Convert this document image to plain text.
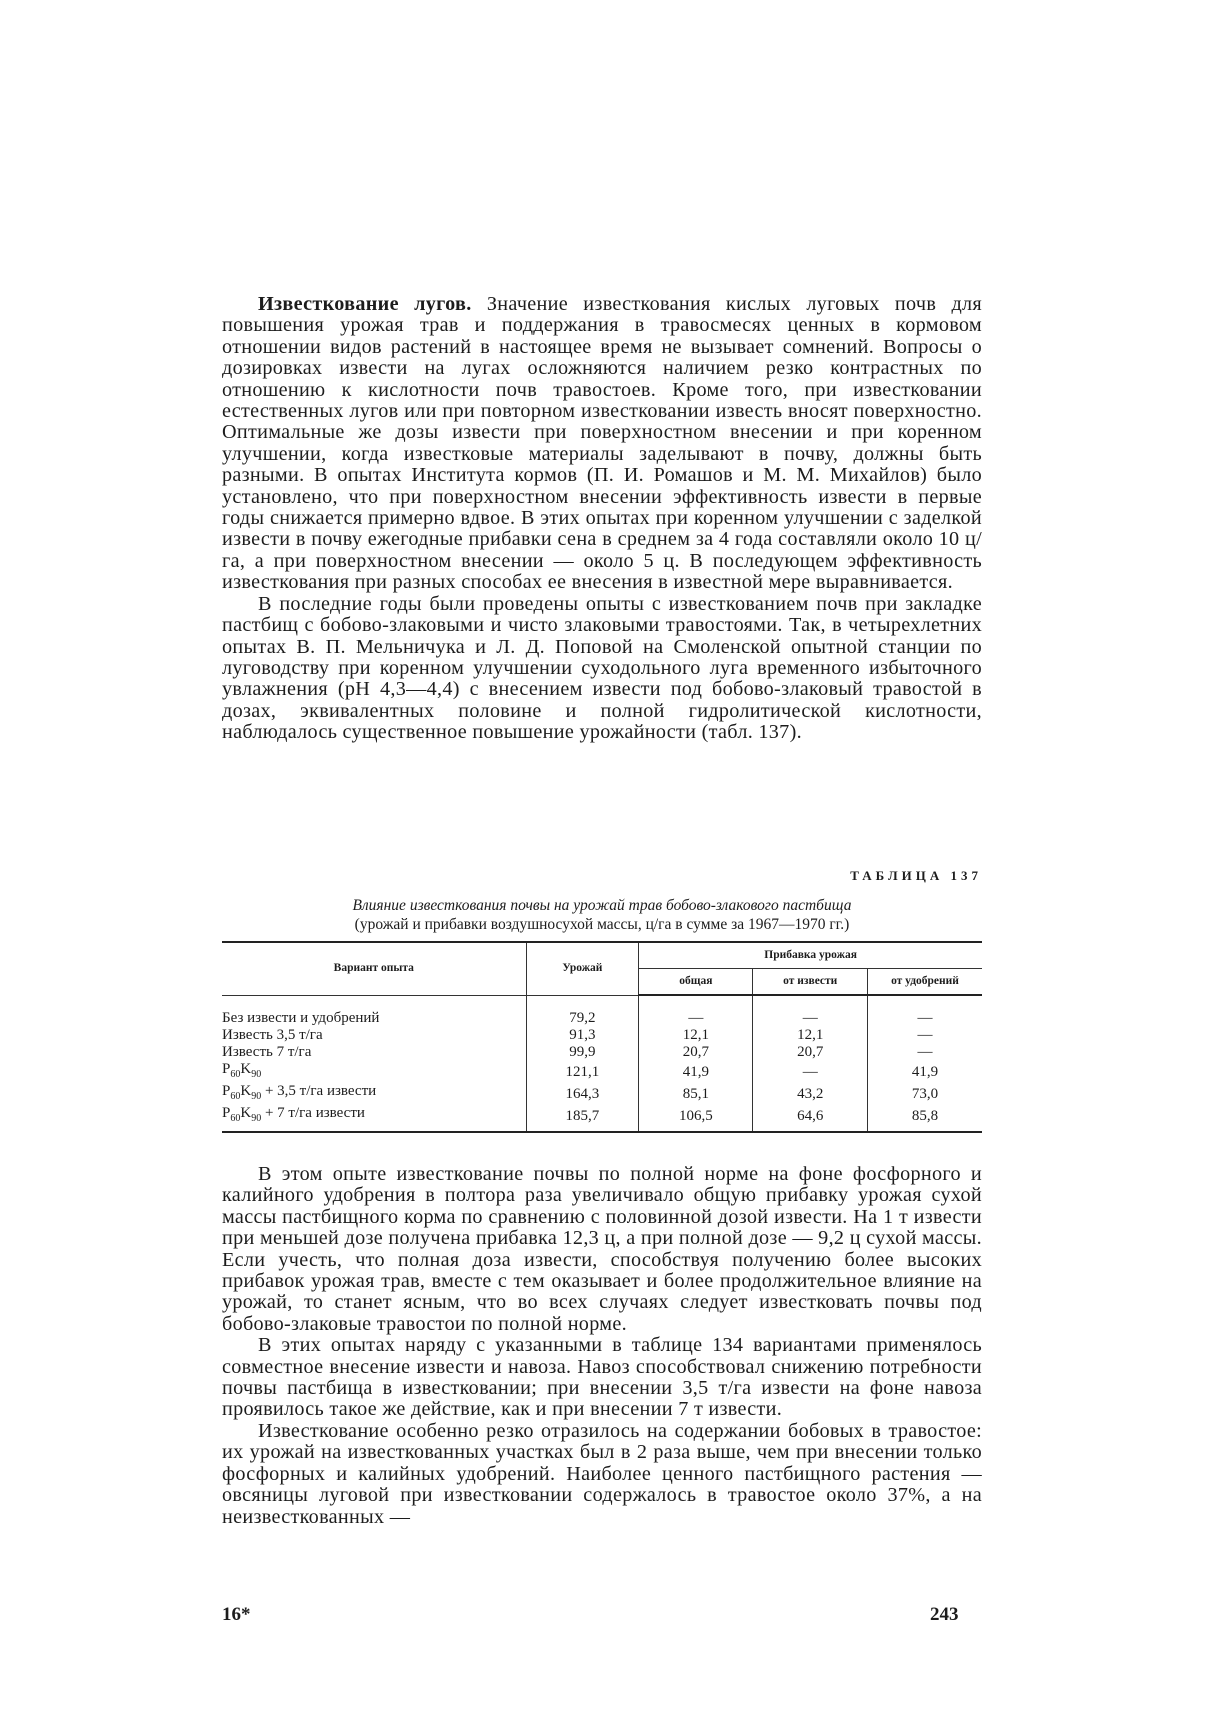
Известкование лугов. Значение известкования кислых луговых почв для повышения урожая трав и поддержания в травосмесях ценных в кормовом отношении видов растений в настоящее время не вызывает сомнений. Вопросы о дозировках извести на лугах осложняются наличием резко контрастных по отношению к кислотности почв травостоев. Кроме того, при известковании естественных лугов или при повторном известковании известь вносят поверхностно. Оптимальные же дозы извести при поверхностном внесении и при коренном улучшении, когда известковые материалы заделывают в почву, должны быть разными. В опытах Института кормов (П. И. Ромашов и М. М. Михайлов) было установлено, что при поверхностном внесении эффективность извести в первые годы снижается примерно вдвое. В этих опытах при коренном улучшении с заделкой извести в почву ежегодные прибавки сена в среднем за 4 года составляли около 10 ц/га, а при поверхностном внесении — около 5 ц. В последующем эффективность известкования при разных способах ее внесения в известной мере выравнивается.

В последние годы были проведены опыты с известкованием почв при закладке пастбищ с бобово-злаковыми и чисто злаковыми травостоями. Так, в четырехлетних опытах В. П. Мельничука и Л. Д. Поповой на Смоленской опытной станции по луговодству при коренном улучшении суходольного луга временного избыточного увлажнения (pH 4,3—4,4) с внесением извести под бобово-злаковый травостой в дозах, эквивалентных половине и полной гидролитической кислотности, наблюдалось существенное повышение урожайности (табл. 137).

ТАБЛИЦА 137
Влияние известкования почвы на урожай трав бобово-злакового пастбища
(урожай и прибавки воздушносухой массы, ц/га в сумме за 1967—1970 гг.)
Вариант опыта	Урожай	Прибавка урожая		
		общая	от извести	от удобрений
Без извести и удобрений	79,2	—	—	—
Известь 3,5 т/га	91,3	12,1	12,1	—
Известь 7 т/га	99,9	20,7	20,7	—
$P_{60}K_{90}$	121,1	41,9	—	41,9
$P_{60}K_{90} + 3,5$ т/га извести	164,3	85,1	43,2	73,0
$P_{60}K_{90} + 7$ т/га извести	185,7	106,5	64,6	85,8

В этом опыте известкование почвы по полной норме на фоне фосфорного и калийного удобрения в полтора раза увеличивало общую прибавку урожая сухой массы пастбищного корма по сравнению с половинной дозой извести. На 1 т извести при меньшей дозе получена прибавка 12,3 ц, а при полной дозе — 9,2 ц сухой массы. Если учесть, что полная доза извести, способствуя получению более высоких прибавок урожая трав, вместе с тем оказывает и более продолжительное влияние на урожай, то станет ясным, что во всех случаях следует известковать почвы под бобово-злаковые травостои по полной норме.

В этих опытах наряду с указанными в таблице 134 вариантами применялось совместное внесение извести и навоза. Навоз способствовал снижению потребности почвы пастбища в известковании; при внесении 3,5 т/га извести на фоне навоза проявилось такое же действие, как и при внесении 7 т извести.

Известкование особенно резко отразилось на содержании бобовых в травостое: их урожай на известкованных участках был в 2 раза выше, чем при внесении только фосфорных и калийных удобрений. Наиболее ценного пастбищного растения — овсяницы луговой при известковании содержалось в травостое около 37%, а на неизвесткованных —

16*	243
